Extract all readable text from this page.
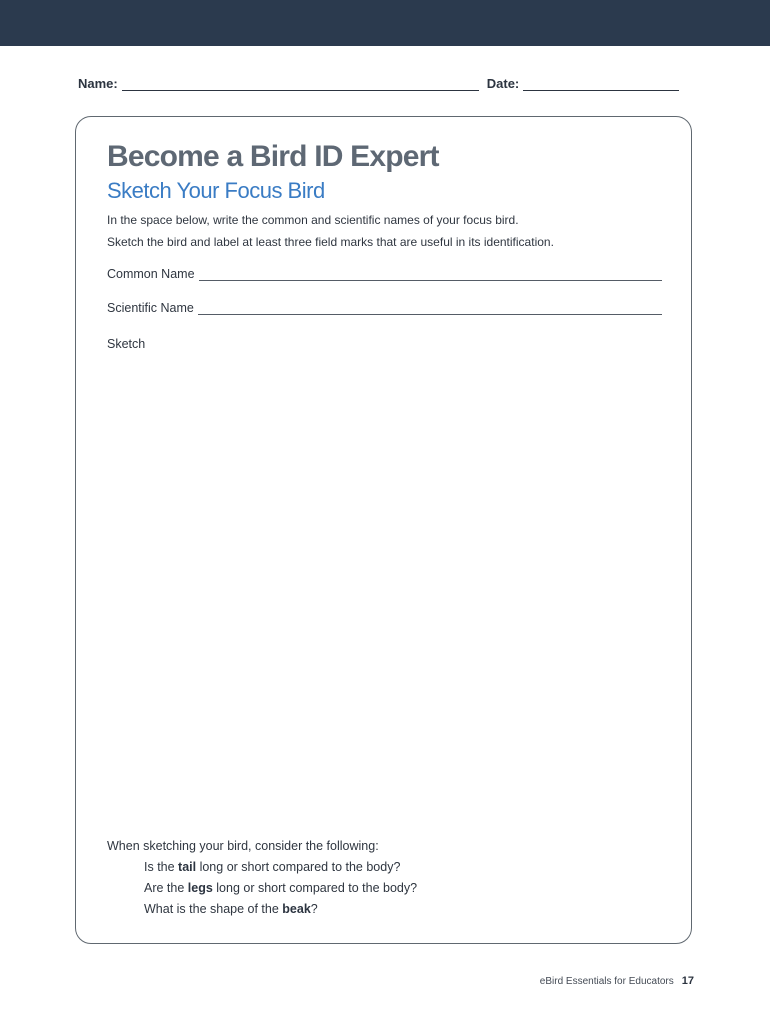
Name:	Date:
Become a Bird ID Expert
Sketch Your Focus Bird
In the space below, write the common and scientific names of your focus bird.
Sketch the bird and label at least three field marks that are useful in its identification.
Common Name
Scientific Name
Sketch
When sketching your bird, consider the following:
Is the tail long or short compared to the body?
Are the legs long or short compared to the body?
What is the shape of the beak?
eBird Essentials for Educators 17
